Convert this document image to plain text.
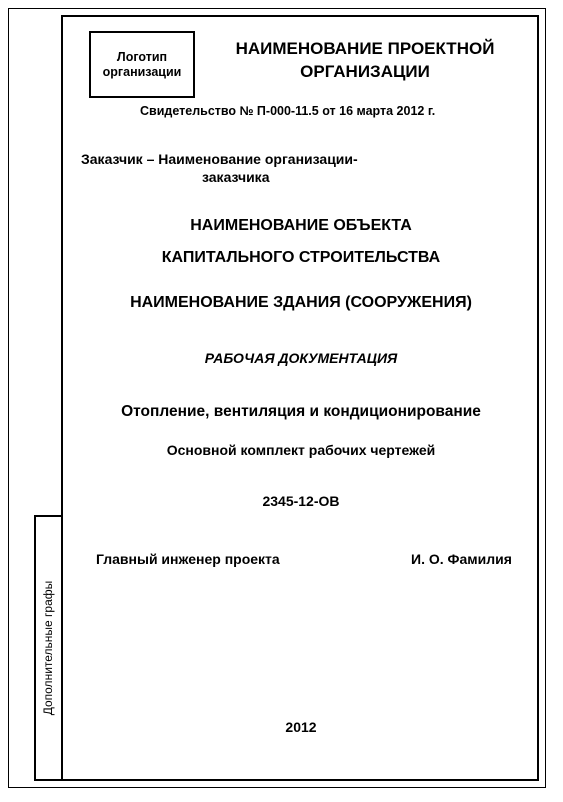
Дополнительные графы
Логотип
организации
НАИМЕНОВАНИЕ ПРОЕКТНОЙ
ОРГАНИЗАЦИИ
Свидетельство № П-000-11.5 от 16 марта 2012 г.
Заказчик – Наименование организации-
заказчика
НАИМЕНОВАНИЕ ОБЪЕКТА
КАПИТАЛЬНОГО СТРОИТЕЛЬСТВА
НАИМЕНОВАНИЕ ЗДАНИЯ (СООРУЖЕНИЯ)
РАБОЧАЯ ДОКУМЕНТАЦИЯ
Отопление, вентиляция и кондиционирование
Основной комплект рабочих чертежей
2345-12-ОВ
Главный инженер проекта	И. О. Фамилия
2012
